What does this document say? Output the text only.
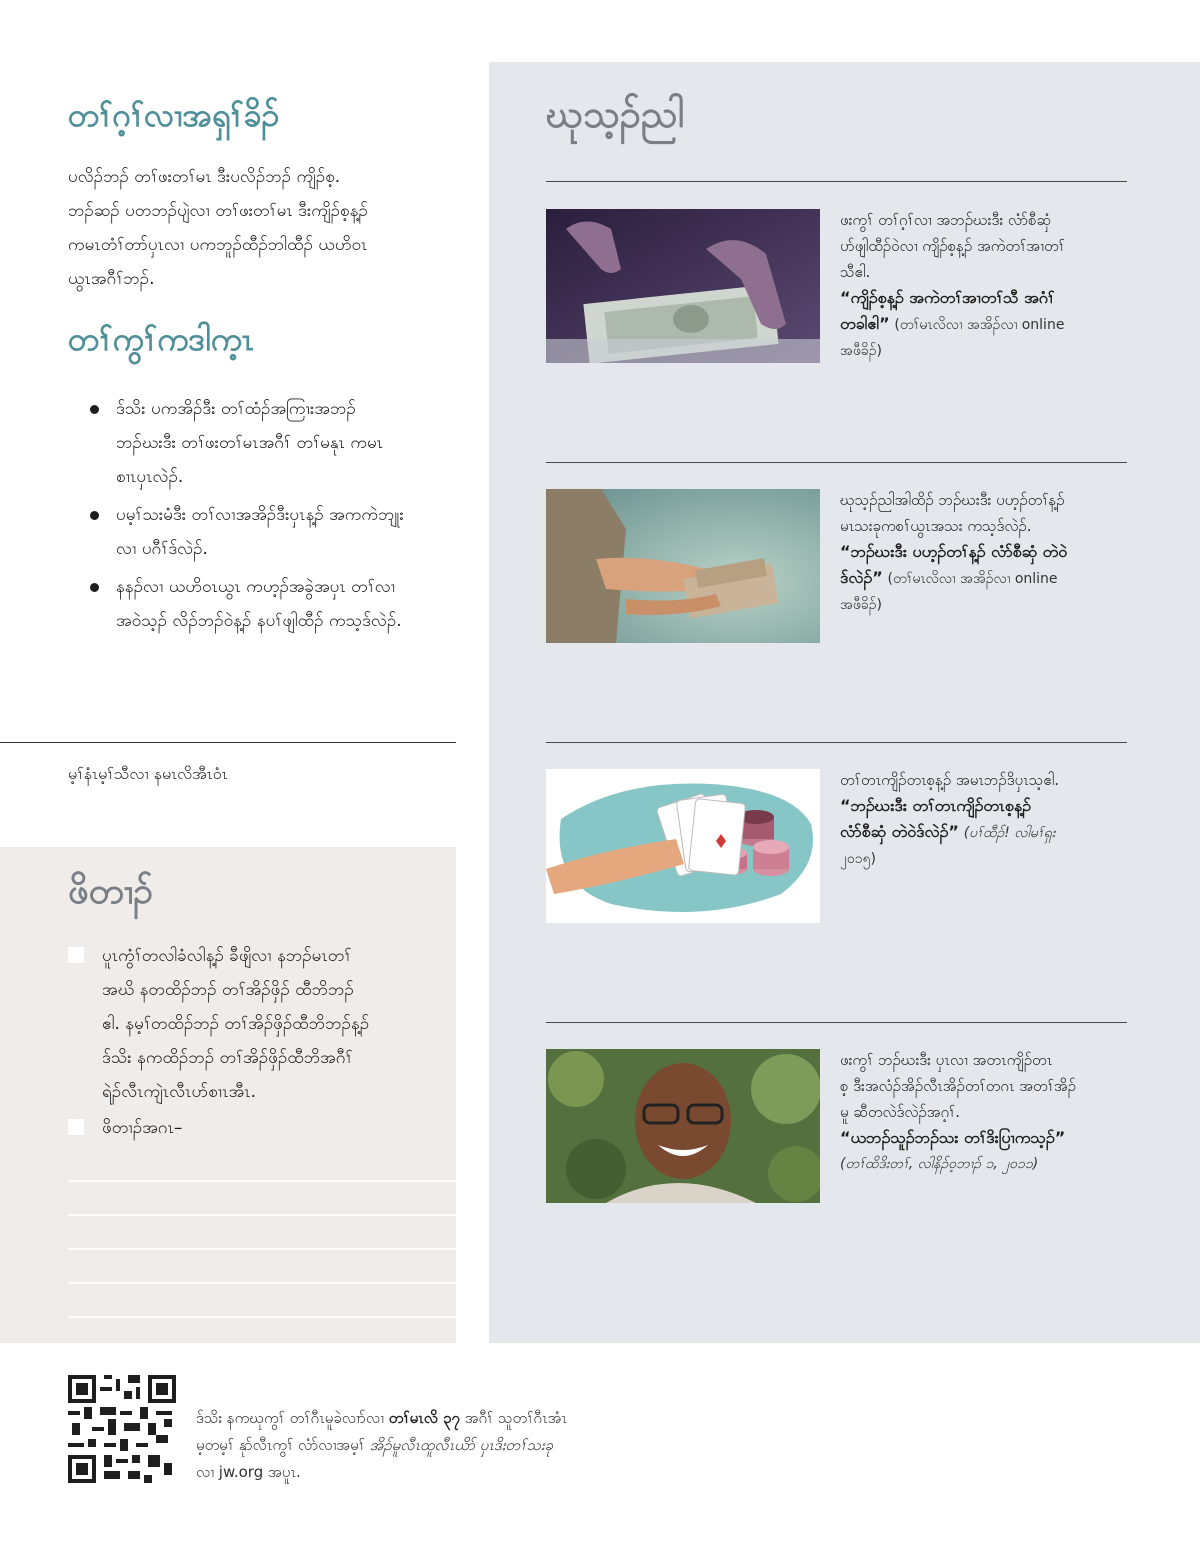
တၢ်ဂ့ၢ်လၢအရှၢ်ခိၣ်
ပလိၣ်ဘၣ် တၢ်ဖးတၢ်မၤ ဒီးပလိၣ်ဘၣ် ကျိၣ်စ့.
ဘၣ်ဆၣ် ပတဘၣ်ပျဲလၢ တၢ်ဖးတၢ်မၤ ဒီးကျိၣ်စ့န့ၣ်
ကမၤတံၢ်တာ်ပှၤလၢ ပကဘူၣ်ထီၣ်ဘါထီၣ် ယဟိဝၤ
ယွၤအဂီၢ်ဘၣ်.
တၢ်ကွၢ်ကဒါက့ၤ
ဒ်သိး ပကအိၣ်ဒီး တၢ်ထံၣ်အကြၢးအဘၣ်
ဘၣ်ဃးဒီး တၢ်ဖးတၢ်မၤအဂီၢ် တၢ်မနုၤ ကမၤ
စၢၤပှၤလဲၣ်.
ပမ့ၢ်သးမံဒီး တၢ်လၢအအိၣ်ဒီးပှၤန့ၣ် အကကဲဘျုး
လၢ ပဂီၢ်ဒ်လဲၣ်.
နနၣ်လၢ ယဟိဝၤယွၤ ကဟ့ၣ်အခွဲအပှၤ တၢ်လၢ
အဝဲသ့ၣ် လိၣ်ဘၣ်ဝဲန့ၣ် နပၢ်ဖျါထီၣ် ကသ့ဒ်လဲၣ်.
မ့ၢ်နံၤမ့ၢ်သီလၢ နမၤလိအီၤဝံၤ
ဖိတၢၣ်
ပူၤကွံၢ်တလါခံလါန့ၣ် ခီဖျိလၢ နဘၣ်မၤတၢ်
အဃိ နတထိၣ်ဘၣ် တၢ်အိၣ်ဖှိၣ် ထီဘိဘၣ်
ဧါ. နမ့ၢ်တထိၣ်ဘၣ် တၢ်အိၣ်ဖှိၣ်ထီဘိဘၣ်န့ၣ်
ဒ်သိး နကထိၣ်ဘၣ် တၢ်အိၣ်ဖှိၣ်ထီဘိအဂီၢ်
ရဲၣ်လီၤကျဲၤလီၤပာ်စၢၤအီၤ.
ဖိတၢၣ်အဂၤ–
ဃုသ့ၣ်ညါ
ဖးကွၢ် တၢ်ဂ့ၢ်လၢ အဘၣ်ဃးဒီး လံာ်စီဆှံ
ပာ်ဖျါထီၣ်ဝဲလၢ ကျိၣ်စ့န့ၣ် အကဲတၢ်အၢတၢ်
သီဧါ.
“ကျိၣ်စ့န့ၣ် အကဲတၢ်အၢတၢ်သီ အဂံၢ်
တခါဧါ” (တၢ်မၤလိလၢ အအိၣ်လၢ online
အဖီခိၣ်)
ဃုသ့ၣ်ညါအါထိၣ် ဘၣ်ဃးဒီး ပဟ့ၣ်တၢ်န့ၣ်
မၤသးခုကစၢ်ယွၤအသး ကသ့ဒ်လဲၣ်.
“ဘၣ်ဃးဒီး ပဟ့ၣ်တၢ်န့ၣ် လံာ်စီဆှံ တဲဝဲ
ဒ်လဲၣ်” (တၢ်မၤလိလၢ အအိၣ်လၢ online
အဖီခိၣ်)
တၢ်တၤကျိၣ်တၤစ့န့ၣ် အမၤဘၣ်ဒိပှၤသ့ဧါ.
“ဘၣ်ဃးဒီး တၢ်တၤကျိၣ်တၤစ့န့ၣ်
လံာ်စီဆှံ တဲဝဲဒ်လဲၣ်” (ပၢ်ထီၣ်! လါမၢ်ရှး
၂၀၁၅)
ဖးကွၢ် ဘၣ်ဃးဒီး ပှၤလၢ အတၤကျိၣ်တၤ
စ့ ဒီးအလံၣ်အိၣ်လီၤအိၣ်တၢ်တဂၤ အတၢ်အိၣ်
မူ ဆီတလဲဒ်လဲၣ်အဂ့ၢ်.
“ယဘၣ်သူၣ်ဘၣ်သး တၢ်ဒိးပြၢကသ့ၣ်”
(တၢ်ထိဒိးတၢ်, လါနိၣ်ဝ့ဘၢၣ် ၁, ၂၀၁၁)
ဒ်သိး နကဃုကွၢ် တၢ်ဂီၤမူခဲလၢာ်လၢ တၢ်မၤလိ ၃၇ အဂီၢ် သူတၢ်ဂီၤအံၤ
မ့တမ့ၢ် နုာ်လီၤကွၢ် လံာ်လၢအမ့ၢ် အိၣ်မူလီၤထူလီၤယိာ် ပှၤဒိးတၢ်သးခု
လၢ jw.org အပူၤ.
